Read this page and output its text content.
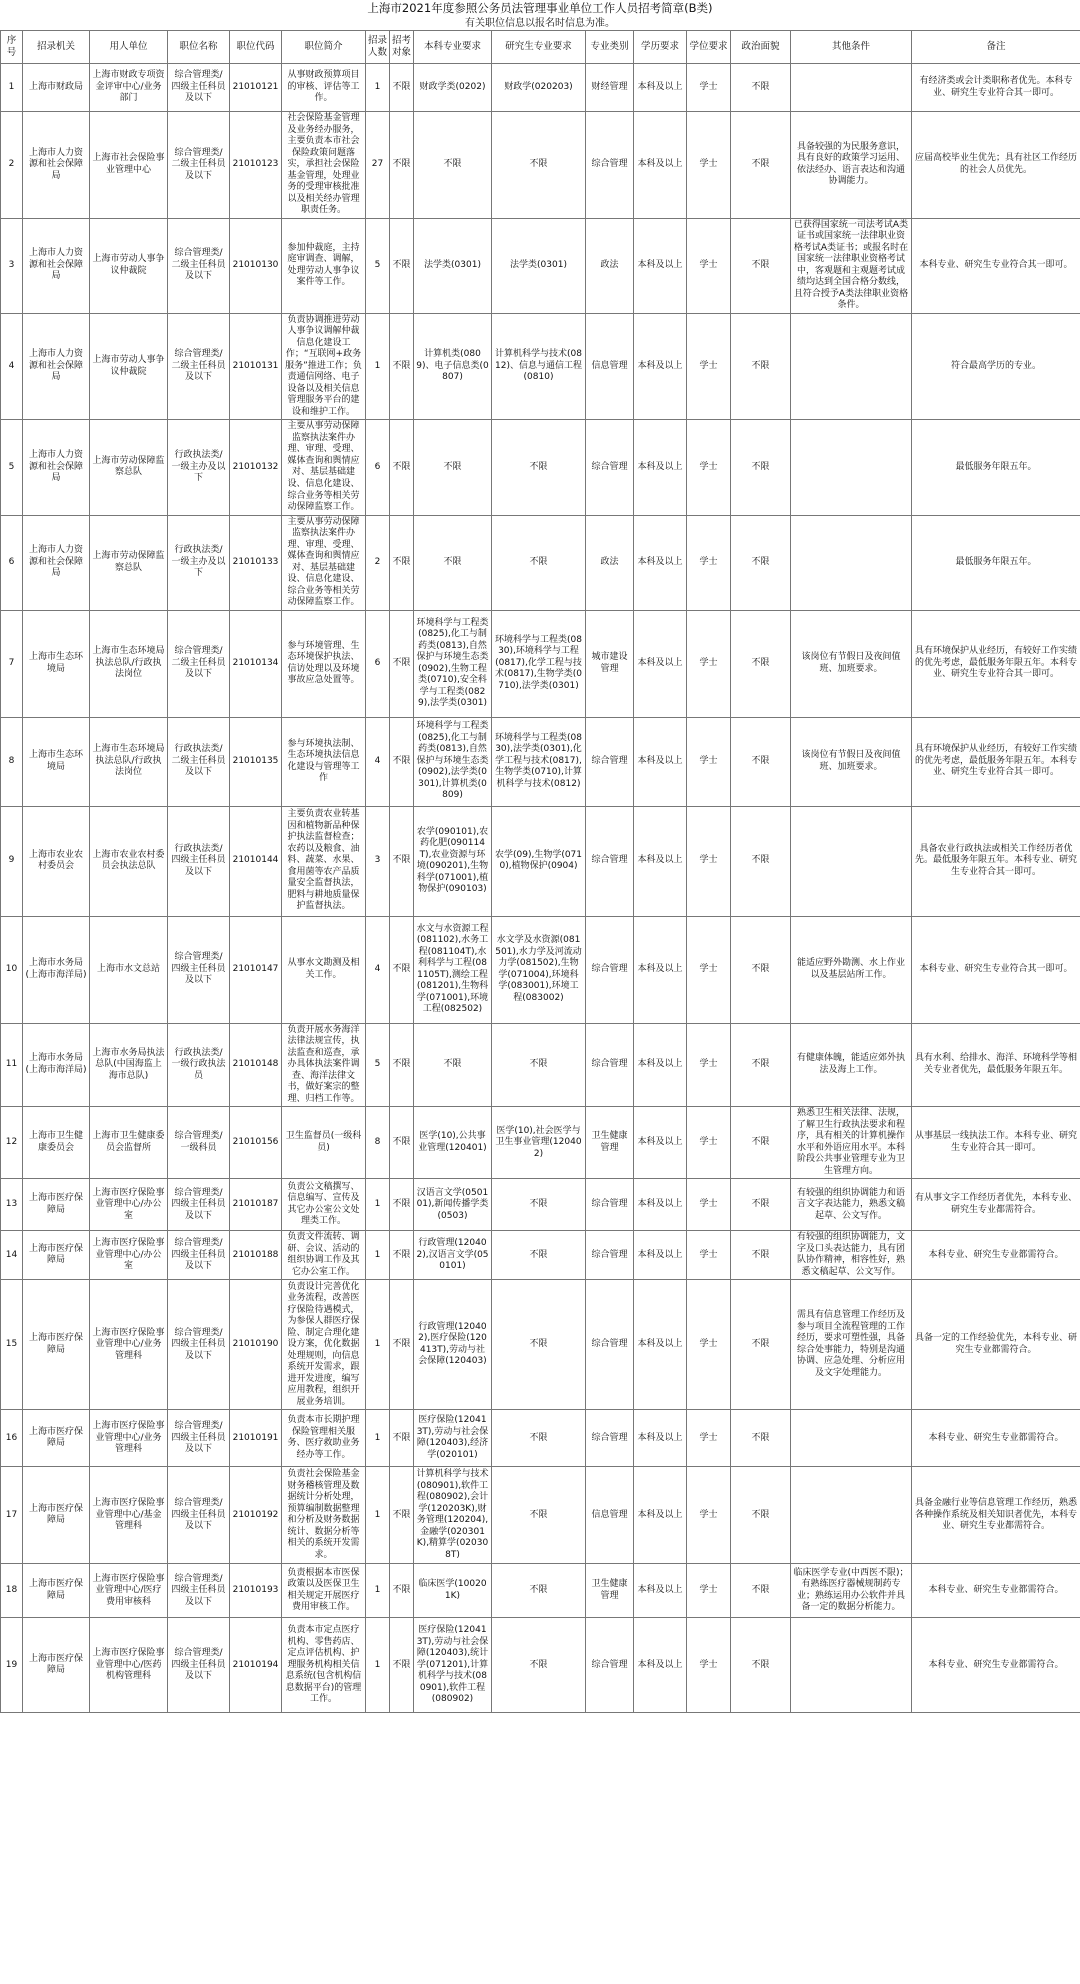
上海市2021年度参照公务员法管理事业单位工作人员招考简章(B类)
有关职位信息以报名时信息为准。
序号	招录机关	用人单位	职位名称	职位代码	职位简介	招录人数	招考对象	本科专业要求	研究生专业要求	专业类别	学历要求	学位要求	政治面貌	其他条件	备注
1	上海市财政局	上海市财政专项资金评审中心/业务部门	综合管理类/四级主任科员及以下	21010121	从事财政预算项目的审核、评估等工作。	1	不限	财政学类(0202)	财政学(020203)	财经管理	本科及以上	学士	不限		有经济类或会计类职称者优先。本科专业、研究生专业符合其一即可。
2	上海市人力资源和社会保障局	上海市社会保险事业管理中心	综合管理类/二级主任科员及以下	21010123	社会保险基金管理及业务经办服务，主要负责本市社会保险政策问题落实，承担社会保险基金管理，处理业务的受理审核批准以及相关经办管理职责任务。	27	不限	不限	不限	综合管理	本科及以上	学士	不限	具备较强的为民服务意识，具有良好的政策学习运用、依法经办、语言表达和沟通协调能力。	应届高校毕业生优先；具有社区工作经历的社会人员优先。
3	上海市人力资源和社会保障局	上海市劳动人事争议仲裁院	综合管理类/二级主任科员及以下	21010130	参加仲裁庭，主持庭审调查、调解，处理劳动人事争议案件等工作。	5	不限	法学类(0301)	法学类(0301)	政法	本科及以上	学士	不限	已获得国家统一司法考试A类证书或国家统一法律职业资格考试A类证书；或报名时在国家统一法律职业资格考试中，客观题和主观题考试成绩均达到全国合格分数线，且符合授予A类法律职业资格条件。	本科专业、研究生专业符合其一即可。
4	上海市人力资源和社会保障局	上海市劳动人事争议仲裁院	综合管理类/二级主任科员及以下	21010131	负责协调推进劳动人事争议调解仲裁信息化建设工作；“互联网+政务服务”推进工作；负责通信网络、电子设备以及相关信息管理服务平台的建设和维护工作。	1	不限	计算机类(0809)、电子信息类(0807)	计算机科学与技术(0812)、信息与通信工程(0810)	信息管理	本科及以上	学士	不限		符合最高学历的专业。
5	上海市人力资源和社会保障局	上海市劳动保障监察总队	行政执法类/一级主办及以下	21010132	主要从事劳动保障监察执法案件办理、审理、受理、媒体查询和舆情应对、基层基础建设、信息化建设、综合业务等相关劳动保障监察工作。	6	不限	不限	不限	综合管理	本科及以上	学士	不限		最低服务年限五年。
6	上海市人力资源和社会保障局	上海市劳动保障监察总队	行政执法类/一级主办及以下	21010133	主要从事劳动保障监察执法案件办理、审理、受理、媒体查询和舆情应对、基层基础建设、信息化建设、综合业务等相关劳动保障监察工作。	2	不限	不限	不限	政法	本科及以上	学士	不限		最低服务年限五年。
7	上海市生态环境局	上海市生态环境局执法总队/行政执法岗位	综合管理类/二级主任科员及以下	21010134	参与环境管理、生态环境保护执法、信访处理以及环境事故应急处置等。	6	不限	环境科学与工程类(0825),化工与制药类(0813),自然保护与环境生态类(0902),生物工程类(0710),安全科学与工程类(0829),法学类(0301)	环境科学与工程类(0830),环境科学与工程(0817),化学工程与技术(0817),生物学类(0710),法学类(0301)	城市建设管理	本科及以上	学士	不限	该岗位有节假日及夜间值班、加班要求。	具有环境保护从业经历，有较好工作实绩的优先考虑，最低服务年限五年。本科专业、研究生专业符合其一即可。
8	上海市生态环境局	上海市生态环境局执法总队/行政执法岗位	行政执法类/二级主任科员及以下	21010135	参与环境执法制、生态环境执法信息化建设与管理等工作	4	不限	环境科学与工程类(0825),化工与制药类(0813),自然保护与环境生态类(0902),法学类(0301),计算机类(0809)	环境科学与工程类(0830),法学类(0301),化学工程与技术(0817),生物学类(0710),计算机科学与技术(0812)	综合管理	本科及以上	学士	不限	该岗位有节假日及夜间值班、加班要求。	具有环境保护从业经历，有较好工作实绩的优先考虑，最低服务年限五年。本科专业、研究生专业符合其一即可。
9	上海市农业农村委员会	上海市农业农村委员会执法总队	行政执法类/四级主任科员及以下	21010144	主要负责农业转基因和植物新品种保护执法监督检查；农药以及粮食、油料、蔬菜、水果、食用菌等农产品质量安全监督执法，肥料与耕地质量保护监督执法。	3	不限	农学(090101),农药化肥(090114T),农业资源与环境(090201),生物科学(071001),植物保护(090103)	农学(09),生物学(0710),植物保护(0904)	综合管理	本科及以上	学士	不限		具备农业行政执法或相关工作经历者优先。最低服务年限五年。本科专业、研究生专业符合其一即可。
10	上海市水务局(上海市海洋局)	上海市水文总站	综合管理类/四级主任科员及以下	21010147	从事水文勘测及相关工作。	4	不限	水文与水资源工程(081102),水务工程(081104T),水利科学与工程(081105T),测绘工程(081201),生物科学(071001),环境工程(082502)	水文学及水资源(081501),水力学及河流动力学(081502),生物学(071004),环境科学(083001),环境工程(083002)	综合管理	本科及以上	学士	不限	能适应野外勘测、水上作业以及基层站所工作。	本科专业、研究生专业符合其一即可。
11	上海市水务局(上海市海洋局)	上海市水务局执法总队(中国海监上海市总队)	行政执法类/一级行政执法员	21010148	负责开展水务海洋法律法规宣传，执法监查和巡查，承办具体执法案件调查、海洋法律文书，做好案宗的整理、归档工作等。	5	不限	不限	不限	综合管理	本科及以上	学士	不限	有健康体魄，能适应郊外执法及海上工作。	具有水利、给排水、海洋、环境科学等相关专业者优先，最低服务年限五年。
12	上海市卫生健康委员会	上海市卫生健康委员会监督所	综合管理类/一级科员	21010156	卫生监督员(一级科员)	8	不限	医学(10),公共事业管理(120401)	医学(10),社会医学与卫生事业管理(120402)	卫生健康管理	本科及以上	学士	不限	熟悉卫生相关法律、法规，了解卫生行政执法要求和程序，具有相关的计算机操作水平和外语应用水平。本科阶段公共事业管理专业为卫生管理方向。	从事基层一线执法工作。本科专业、研究生专业符合其一即可。
13	上海市医疗保障局	上海市医疗保险事业管理中心/办公室	综合管理类/四级主任科员及以下	21010187	负责公文稿撰写、信息编写、宣传及其它办公室公文处理类工作。	1	不限	汉语言文学(050101),新闻传播学类(0503)	不限	综合管理	本科及以上	学士	不限	有较强的组织协调能力和语言文字表达能力，熟悉文稿起草、公文写作。	有从事文字工作经历者优先，本科专业、研究生专业都需符合。
14	上海市医疗保障局	上海市医疗保险事业管理中心/办公室	综合管理类/四级主任科员及以下	21010188	负责文件流转、调研、会议、活动的组织协调工作及其它办公室工作。	1	不限	行政管理(120402),汉语言文学(050101)	不限	综合管理	本科及以上	学士	不限	有较强的组织协调能力，文字及口头表达能力，具有团队协作精神，相容性好，熟悉文稿起草、公文写作。	本科专业、研究生专业都需符合。
15	上海市医疗保障局	上海市医疗保险事业管理中心/业务管理科	综合管理类/四级主任科员及以下	21010190	负责设计完善优化业务流程，改善医疗保险待遇模式，为参保人群医疗保险、制定合理化建设方案，优化数据处理规则，向信息系统开发需求，跟进开发进度，编写应用教程，组织开展业务培训。	1	不限	行政管理(120402),医疗保险(120413T),劳动与社会保障(120403)	不限	综合管理	本科及以上	学士	不限	需具有信息管理工作经历及参与项目全流程管理的工作经历，要求可塑性强，具备综合处事能力，特别是沟通协调、应急处理、分析应用及文字处理能力。	具备一定的工作经验优先，本科专业、研究生专业都需符合。
16	上海市医疗保障局	上海市医疗保险事业管理中心/业务管理科	综合管理类/四级主任科员及以下	21010191	负责本市长期护理保险管理相关服务、医疗救助业务经办等工作。	1	不限	医疗保险(120413T),劳动与社会保障(120403),经济学(020101)	不限	综合管理	本科及以上	学士	不限		本科专业、研究生专业都需符合。
17	上海市医疗保障局	上海市医疗保险事业管理中心/基金管理科	综合管理类/四级主任科员及以下	21010192	负责社会保险基金财务稽核管理及数据统计分析处理，预算编制数据整理和分析及财务数据统计、数据分析等相关的系统开发需求。	1	不限	计算机科学与技术(080901),软件工程(080902),会计学(120203K),财务管理(120204),金融学(020301K),精算学(020308T)	不限	信息管理	本科及以上	学士	不限		具备金融行业等信息管理工作经历，熟悉各种操作系统及相关知识者优先，本科专业、研究生专业都需符合。
18	上海市医疗保障局	上海市医疗保险事业管理中心/医疗费用审核科	综合管理类/四级主任科员及以下	21010193	负责根据本市医保政策以及医保卫生相关规定开展医疗费用审核工作。	1	不限	临床医学(100201K)	不限	卫生健康管理	本科及以上	学士	不限	临床医学专业(中西医不限)；有熟练医疗器械规制药专业；熟练运用办公软件并具备一定的数据分析能力。	本科专业、研究生专业都需符合。
19	上海市医疗保障局	上海市医疗保险事业管理中心/医药机构管理科	综合管理类/四级主任科员及以下	21010194	负责本市定点医疗机构、零售药店、定点评估机构、护理服务机构相关信息系统(包含机构信息数据平台)的管理工作。	1	不限	医疗保险(120413T),劳动与社会保障(120403),统计学(071201),计算机科学与技术(080901),软件工程(080902)	不限	综合管理	本科及以上	学士	不限		本科专业、研究生专业都需符合。
